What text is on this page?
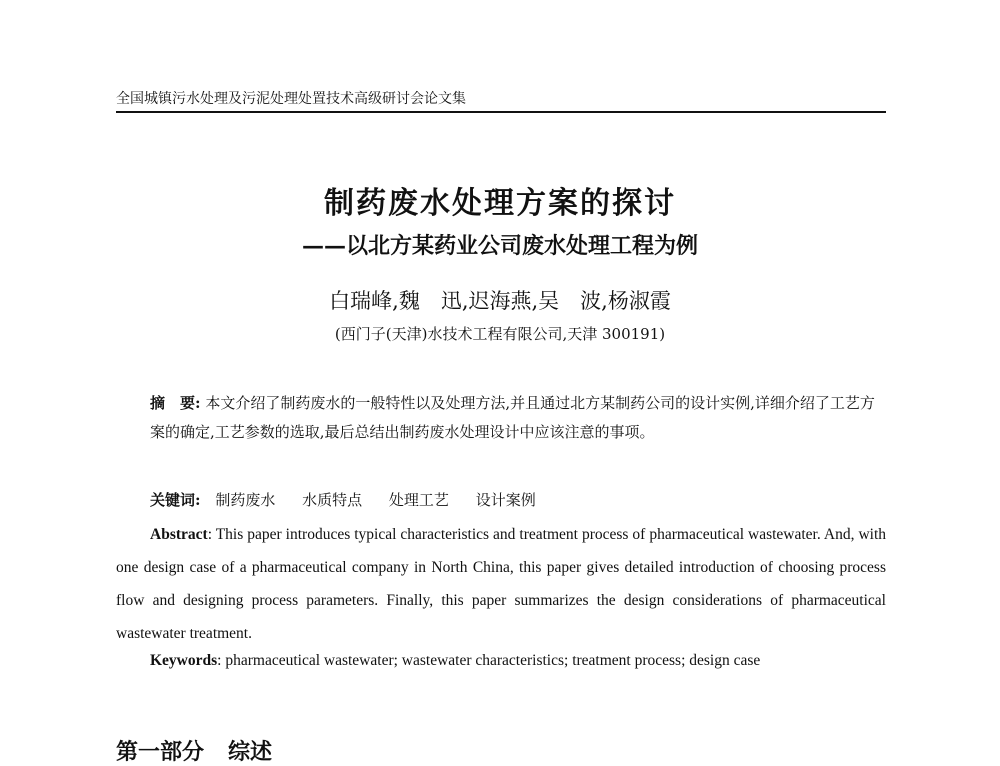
全国城镇污水处理及污泥处理处置技术高级研讨会论文集
制药废水处理方案的探讨
——以北方某药业公司废水处理工程为例
白瑞峰,魏　迅,迟海燕,吴　波,杨淑霞
(西门子(天津)水技术工程有限公司,天津 300191)
摘　要: 本文介绍了制药废水的一般特性以及处理方法,并且通过北方某制药公司的设计实例,详细介绍了工艺方案的确定,工艺参数的选取,最后总结出制药废水处理设计中应该注意的事项。
关键词: 制药废水 水质特点 处理工艺 设计案例
Abstract: This paper introduces typical characteristics and treatment process of pharmaceutical wastewater. And, with one design case of a pharmaceutical company in North China, this paper gives detailed introduction of choosing process flow and designing process parameters. Finally, this paper summarizes the design considerations of pharmaceutical wastewater treatment.
Keywords: pharmaceutical wastewater; wastewater characteristics; treatment process; design case
第一部分 综述
